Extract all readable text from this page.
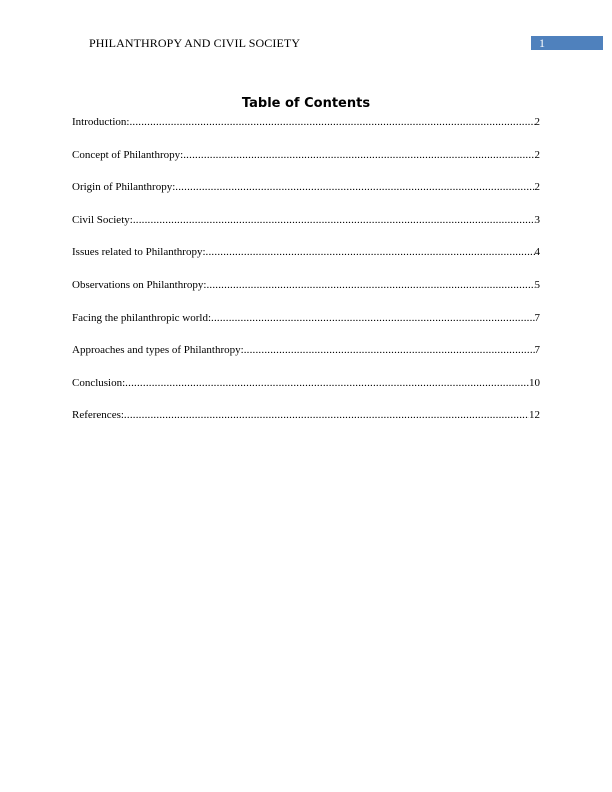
PHILANTHROPY AND CIVIL SOCIETY	1
Table of Contents
Introduction: .....	2
Concept of Philanthropy: .....	2
Origin of Philanthropy: .....	2
Civil Society: .....	3
Issues related to Philanthropy: .....	4
Observations on Philanthropy: .....	5
Facing the philanthropic world: .....	7
Approaches and types of Philanthropy: .....	7
Conclusion: .....	10
References: .....	12
